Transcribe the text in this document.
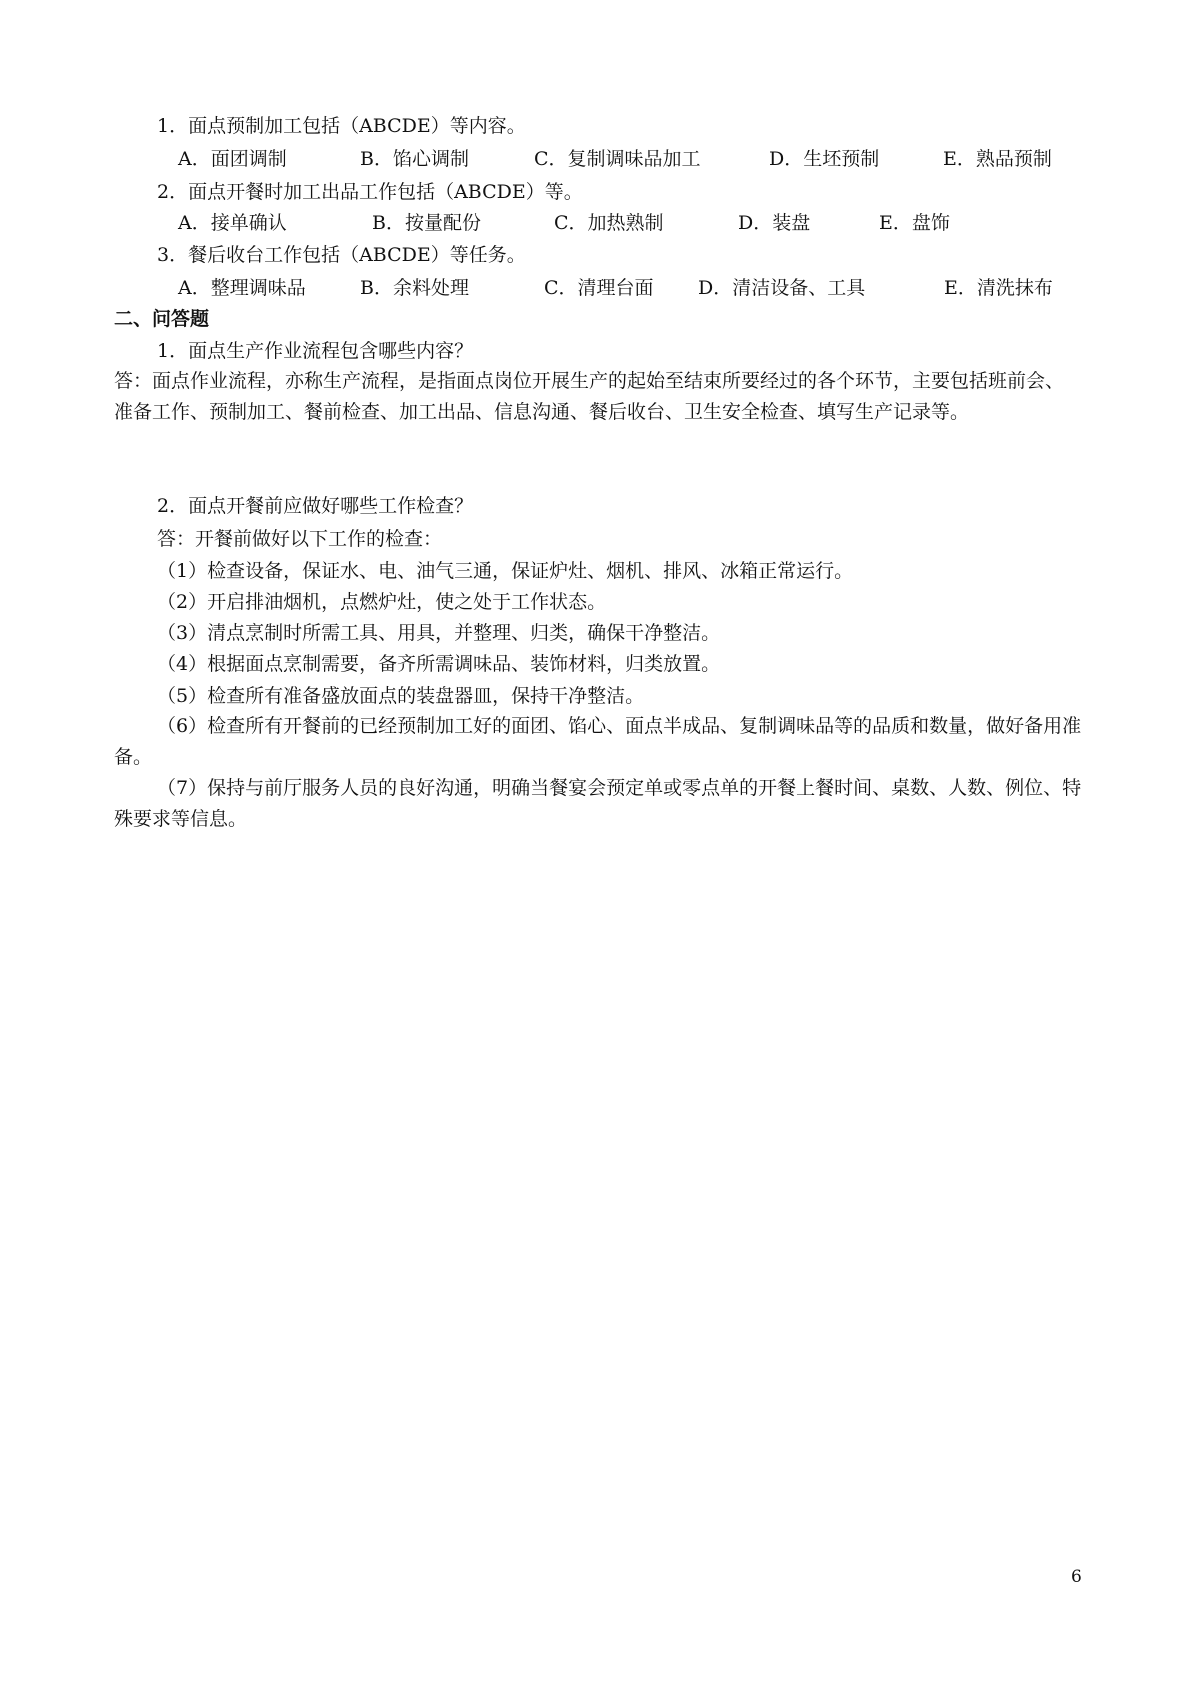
1．面点预制加工包括（ABCDE）等内容。
A．面团调制	B．馅心调制	C．复制调味品加工	D．生坯预制	E．熟品预制
2．面点开餐时加工出品工作包括（ABCDE）等。
A．接单确认	B．按量配份	C．加热熟制	D．装盘	E．盘饰
3．餐后收台工作包括（ABCDE）等任务。
A．整理调味品	B．余料处理	C．清理台面 D．清洁设备、工具	E．清洗抹布
二、问答题
1．面点生产作业流程包含哪些内容？
答：面点作业流程，亦称生产流程，是指面点岗位开展生产的起始至结束所要经过的各个环节，主要包括班前会、准备工作、预制加工、餐前检查、加工出品、信息沟通、餐后收台、卫生安全检查、填写生产记录等。
2．面点开餐前应做好哪些工作检查？
答：开餐前做好以下工作的检查：
（1）检查设备，保证水、电、油气三通，保证炉灶、烟机、排风、冰箱正常运行。
（2）开启排油烟机，点燃炉灶，使之处于工作状态。
（3）清点烹制时所需工具、用具，并整理、归类，确保干净整洁。
（4）根据面点烹制需要，备齐所需调味品、装饰材料，归类放置。
（5）检查所有准备盛放面点的装盘器皿，保持干净整洁。
（6）检查所有开餐前的已经预制加工好的面团、馅心、面点半成品、复制调味品等的品质和数量，做好备用准备。
（7）保持与前厅服务人员的良好沟通，明确当餐宴会预定单或零点单的开餐上餐时间、桌数、人数、例位、特殊要求等信息。
6
